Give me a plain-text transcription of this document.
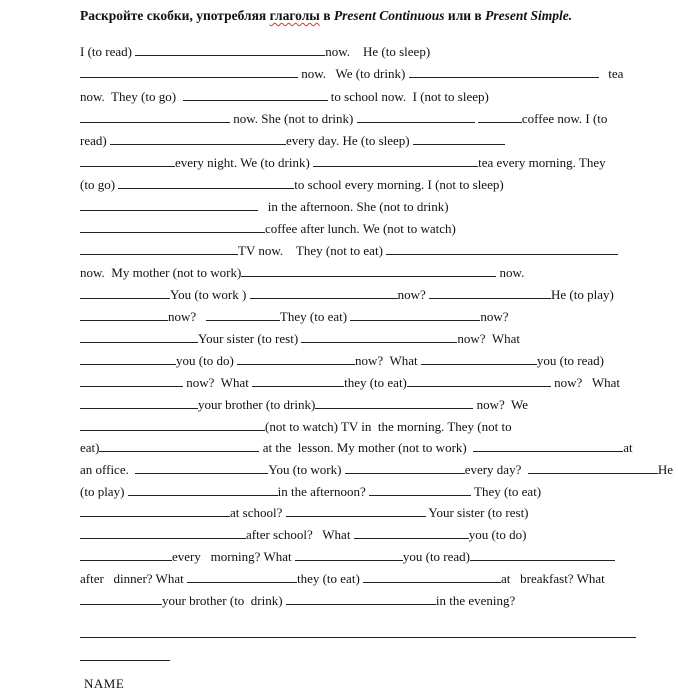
Раскройте скобки, употребляя глаголы в Present Continuous или в Present Simple.
I (to read)	now.    He (to sleep)
now.   We (to drink)	tea
now.  They (to go)	to school now.  I (not to sleep)
now. She (not to drink)	coffee now. I (to
read)	every day. He (to sleep)
every night. We (to drink)	tea every morning. They
(to go)	to school every morning. I (not to sleep)
in the afternoon. She (not to drink)
coffee after lunch. We (not to watch)
TV now.    They (not to eat)
now.  My mother (not to work)	now.
You (to work )	now?	He (to play)
now?	They (to eat)	now?
Your sister (to rest)	now?  What
you (to do)	now?  What	you (to read)
now?  What	they (to eat)	now?   What
your brother (to drink)	now?  We
(not to watch) TV in  the morning. They (not to
eat)	at the  lesson. My mother (not to work)	at
an office.	You (to work)	every day?	He
(to play)	in the afternoon?	They (to eat)
at school?	Your sister (to rest)
after school?   What	you (to do)
every   morning? What	you (to read)
after   dinner? What	they (to eat)	at   breakfast? What
your brother (to  drink)	in the evening?
NAME
